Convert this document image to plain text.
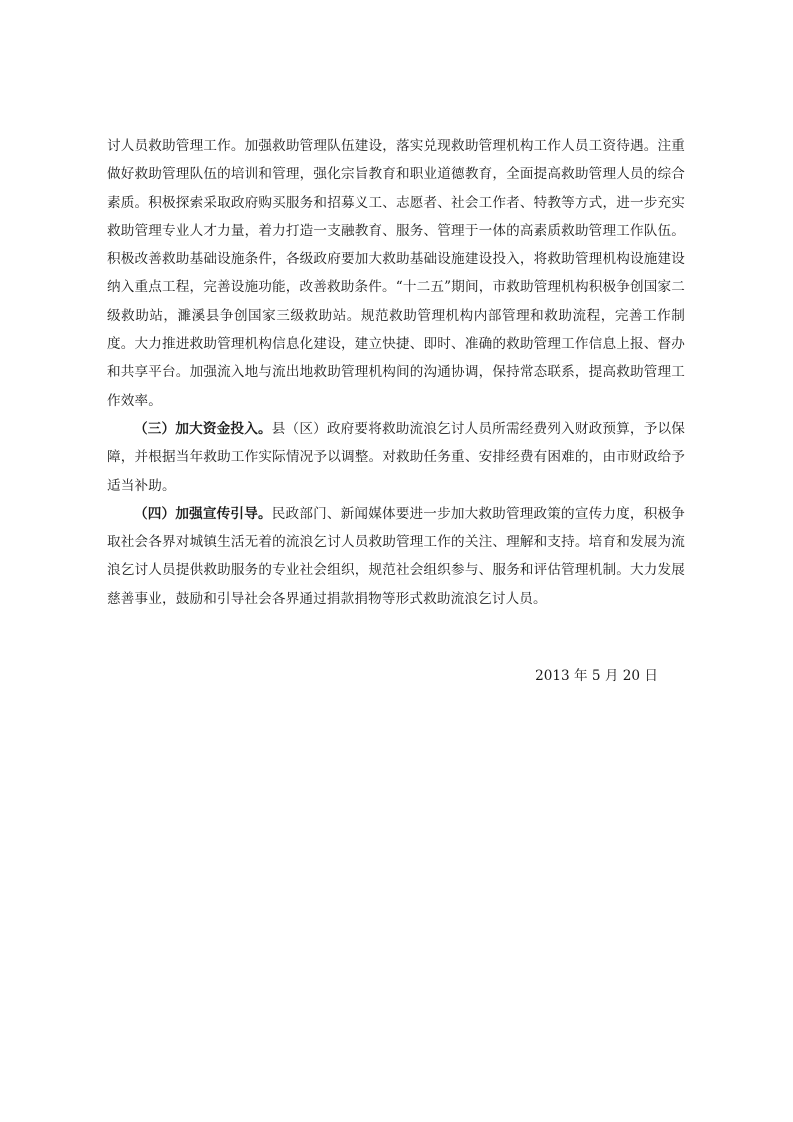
讨人员救助管理工作。加强救助管理队伍建设，落实兑现救助管理机构工作人员工资待遇。注重做好救助管理队伍的培训和管理，强化宗旨教育和职业道德教育，全面提高救助管理人员的综合素质。积极探索采取政府购买服务和招募义工、志愿者、社会工作者、特教等方式，进一步充实救助管理专业人才力量，着力打造一支融教育、服务、管理于一体的高素质救助管理工作队伍。积极改善救助基础设施条件，各级政府要加大救助基础设施建设投入，将救助管理机构设施建设纳入重点工程，完善设施功能，改善救助条件。“十二五”期间，市救助管理机构积极争创国家二级救助站，濉溪县争创国家三级救助站。规范救助管理机构内部管理和救助流程，完善工作制度。大力推进救助管理机构信息化建设，建立快捷、即时、准确的救助管理工作信息上报、督办和共享平台。加强流入地与流出地救助管理机构间的沟通协调，保持常态联系，提高救助管理工作效率。

（三）加大资金投入。县（区）政府要将救助流浪乞讨人员所需经费列入财政预算，予以保障，并根据当年救助工作实际情况予以调整。对救助任务重、安排经费有困难的，由市财政给予适当补助。

（四）加强宣传引导。民政部门、新闻媒体要进一步加大救助管理政策的宣传力度，积极争取社会各界对城镇生活无着的流浪乞讨人员救助管理工作的关注、理解和支持。培育和发展为流浪乞讨人员提供救助服务的专业社会组织，规范社会组织参与、服务和评估管理机制。大力发展慈善事业，鼓励和引导社会各界通过捐款捐物等形式救助流浪乞讨人员。

2013 年 5 月 20 日
